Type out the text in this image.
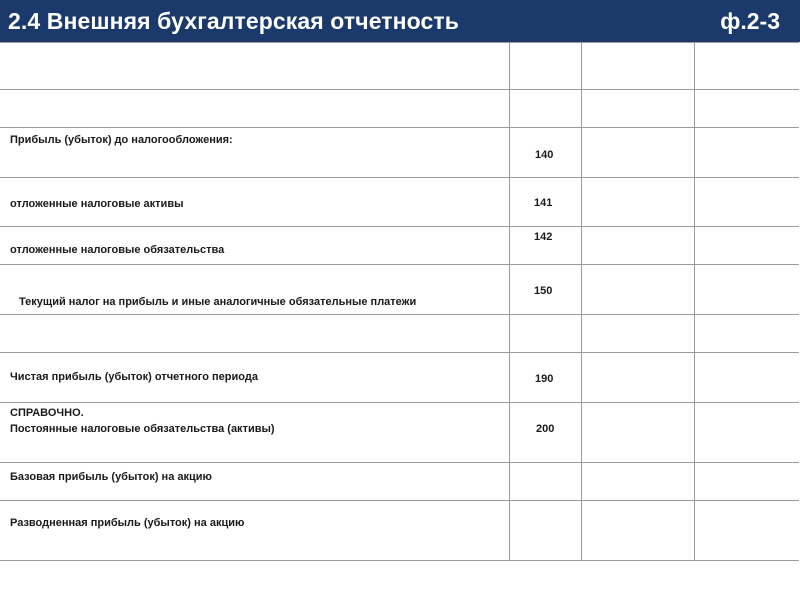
2.4 Внешняя бухгалтерская отчетность	ф.2-3

Прибыль (убыток) до налогообложения:	140		

отложенные налоговые активы	141		

отложенные налоговые обязательства	142		

Текущий налог на прибыль и иные аналогичные обязательные платежи	150		

Чистая прибыль (убыток) отчетного периода	190		

СПРАВОЧНО.
Постоянные налоговые обязательства (активы)	200		

Базовая прибыль (убыток) на акцию			

Разводненная прибыль (убыток) на акцию			
